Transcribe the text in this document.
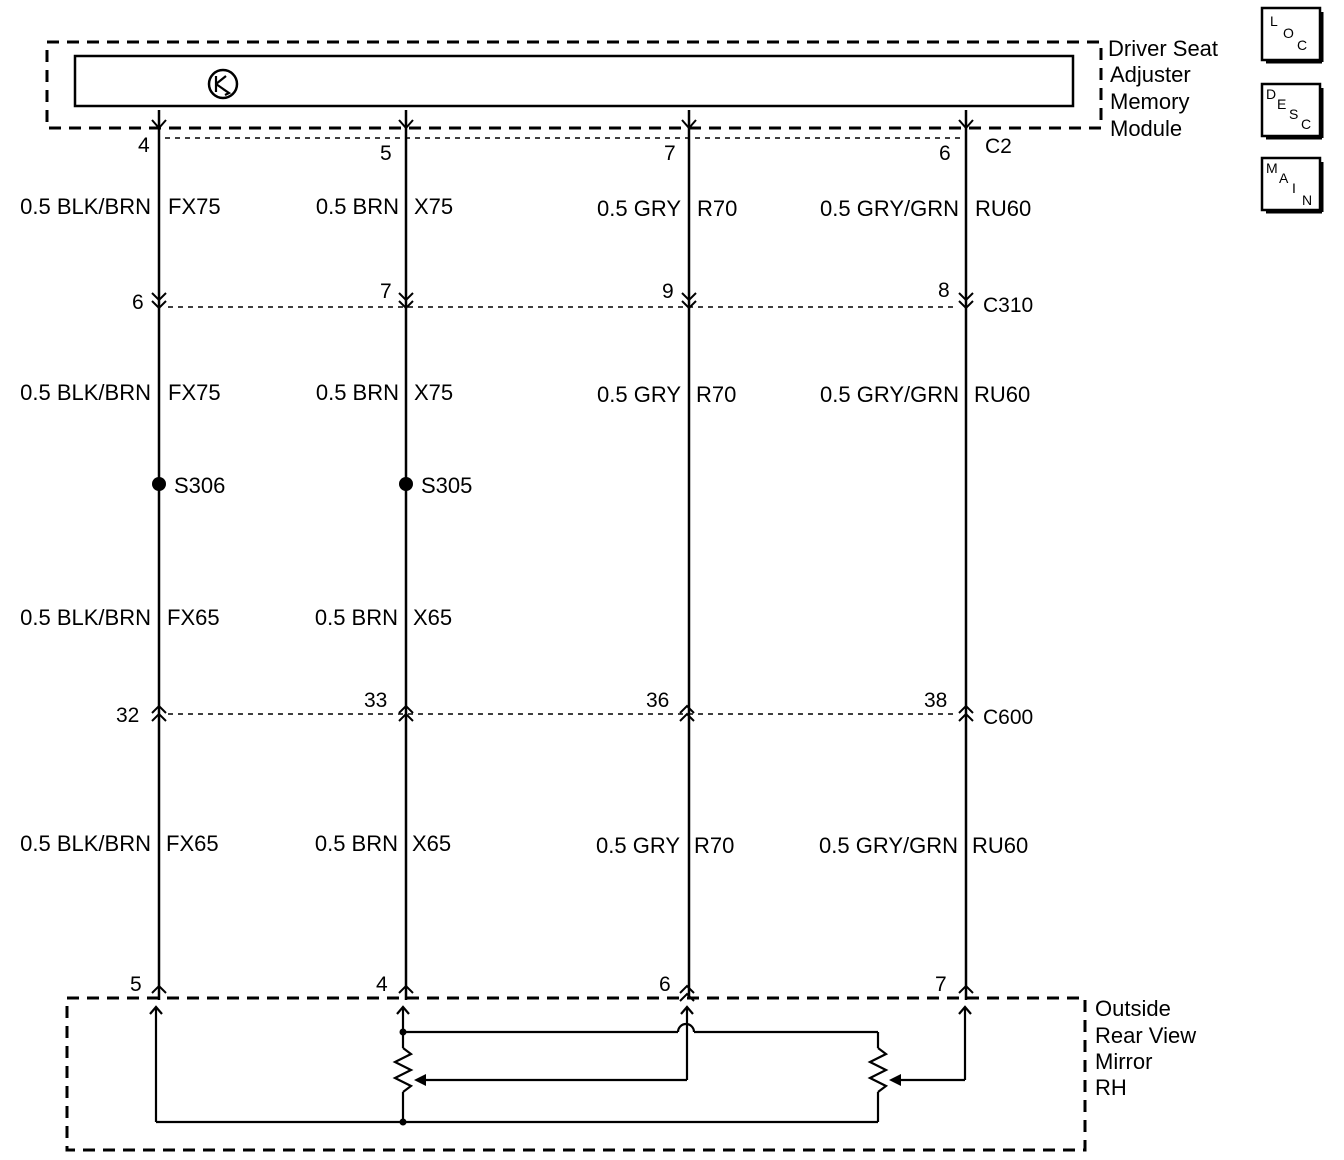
Driver Seat
Adjuster
Memory
Module
C2
C310
C600
4
6
32
5
0.5 BLK/BRN FX75
0.5 BLK/BRN FX75
S306
0.5 BLK/BRN FX65
0.5 BLK/BRN FX65
5
7
33
4
0.5 BRN X75
0.5 BRN X75
S305
0.5 BRN X65
0.5 BRN X65
7
9
36
6
0.5 GRY R70
0.5 GRY R70
0.5 GRY R70
6
8
38
7
0.5 GRY/GRN RU60
0.5 GRY/GRN RU60
0.5 GRY/GRN RU60
Outside
Rear View
Mirror
RH
L
O
C
D
E
S
C
M
A
I
N
